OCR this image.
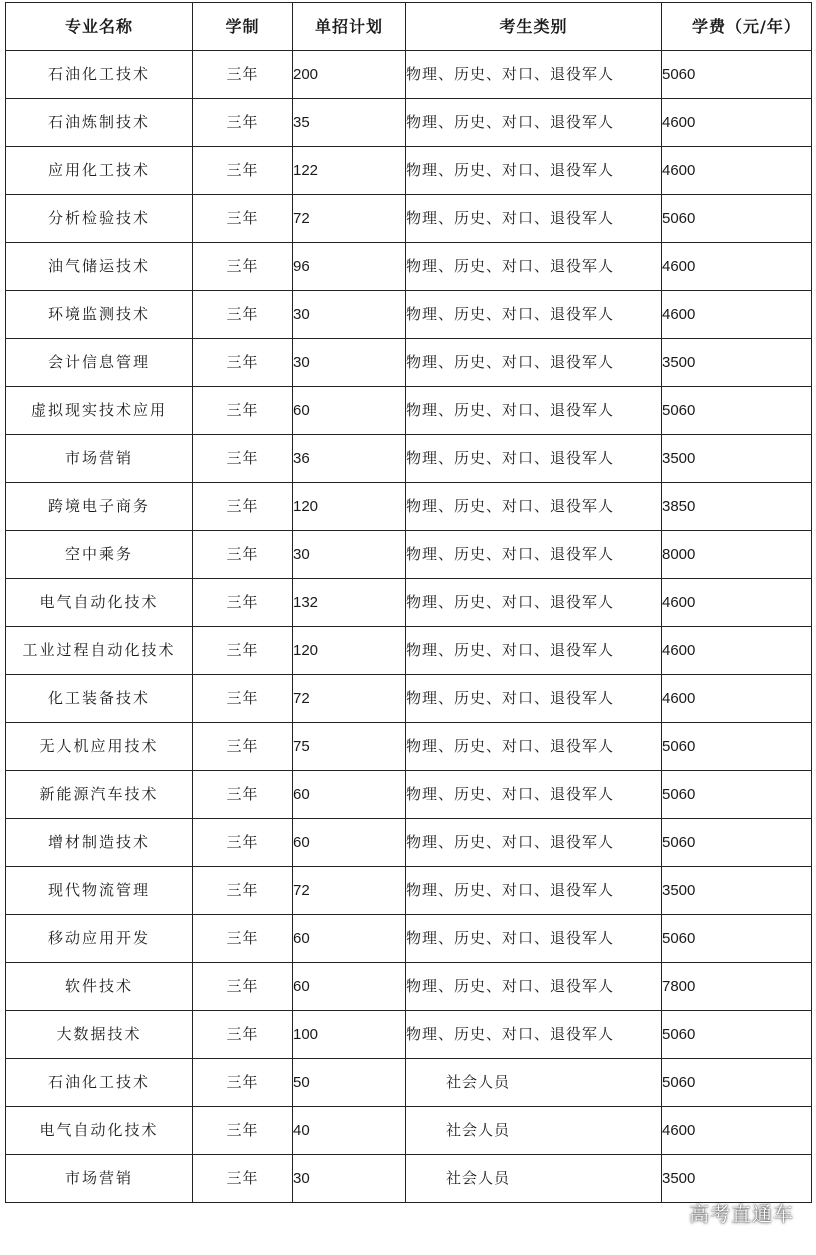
专业名称	学制	单招计划	考生类别	学费（元/年）
石油化工技术	三年	200	物理、历史、对口、退役军人	5060
石油炼制技术	三年	35	物理、历史、对口、退役军人	4600
应用化工技术	三年	122	物理、历史、对口、退役军人	4600
分析检验技术	三年	72	物理、历史、对口、退役军人	5060
油气储运技术	三年	96	物理、历史、对口、退役军人	4600
环境监测技术	三年	30	物理、历史、对口、退役军人	4600
会计信息管理	三年	30	物理、历史、对口、退役军人	3500
虚拟现实技术应用	三年	60	物理、历史、对口、退役军人	5060
市场营销	三年	36	物理、历史、对口、退役军人	3500
跨境电子商务	三年	120	物理、历史、对口、退役军人	3850
空中乘务	三年	30	物理、历史、对口、退役军人	8000
电气自动化技术	三年	132	物理、历史、对口、退役军人	4600
工业过程自动化技术	三年	120	物理、历史、对口、退役军人	4600
化工装备技术	三年	72	物理、历史、对口、退役军人	4600
无人机应用技术	三年	75	物理、历史、对口、退役军人	5060
新能源汽车技术	三年	60	物理、历史、对口、退役军人	5060
增材制造技术	三年	60	物理、历史、对口、退役军人	5060
现代物流管理	三年	72	物理、历史、对口、退役军人	3500
移动应用开发	三年	60	物理、历史、对口、退役军人	5060
软件技术	三年	60	物理、历史、对口、退役军人	7800
大数据技术	三年	100	物理、历史、对口、退役军人	5060
石油化工技术	三年	50	社会人员	5060
电气自动化技术	三年	40	社会人员	4600
市场营销	三年	30	社会人员	3500
高考直通车
